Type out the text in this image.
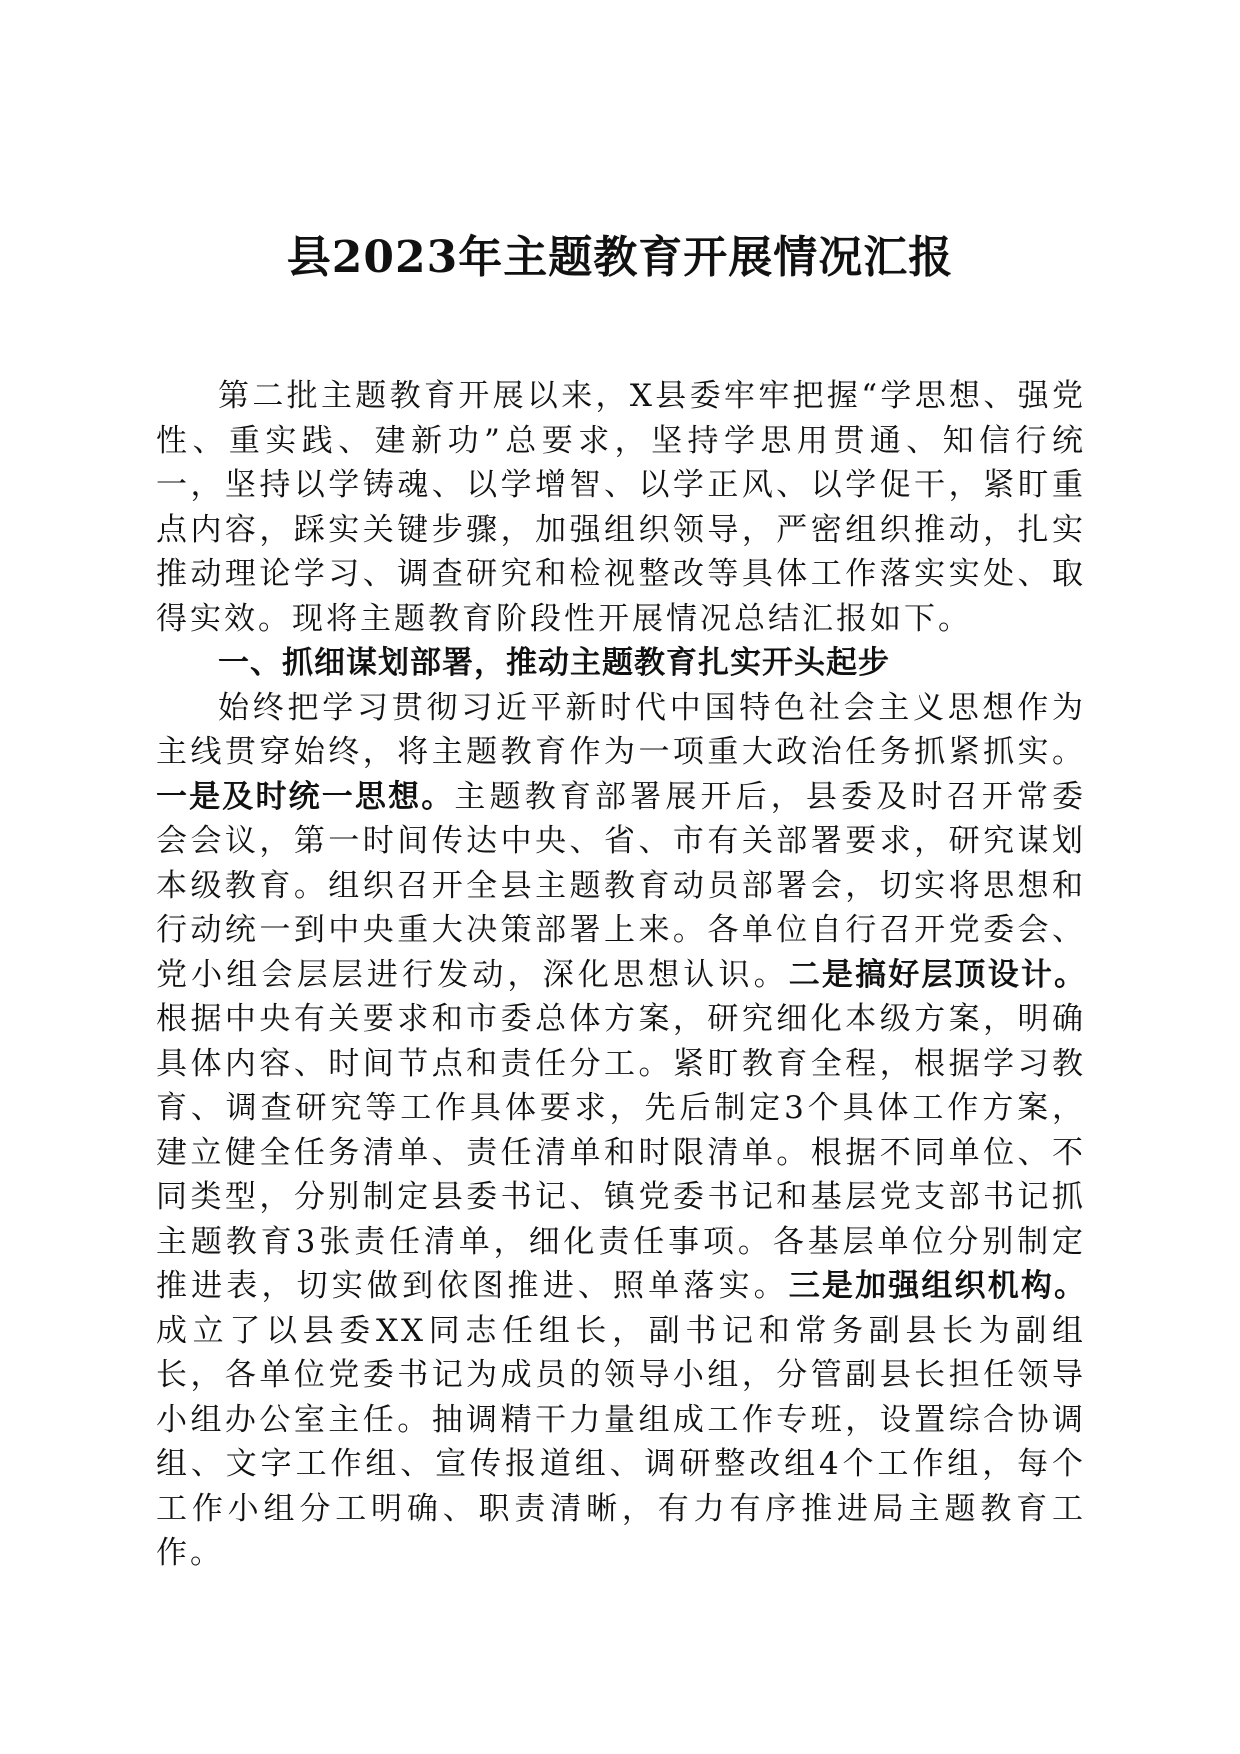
县2023年主题教育开展情况汇报

第二批主题教育开展以来，X县委牢牢把握“学思想、强党性、重实践、建新功”总要求，坚持学思用贯通、知信行统一，坚持以学铸魂、以学增智、以学正风、以学促干，紧盯重点内容，踩实关键步骤，加强组织领导，严密组织推动，扎实推动理论学习、调查研究和检视整改等具体工作落实实处、取得实效。现将主题教育阶段性开展情况总结汇报如下。

一、抓细谋划部署，推动主题教育扎实开头起步

始终把学习贯彻习近平新时代中国特色社会主义思想作为主线贯穿始终，将主题教育作为一项重大政治任务抓紧抓实。一是及时统一思想。主题教育部署展开后，县委及时召开常委会会议，第一时间传达中央、省、市有关部署要求，研究谋划本级教育。组织召开全县主题教育动员部署会，切实将思想和行动统一到中央重大决策部署上来。各单位自行召开党委会、党小组会层层进行发动，深化思想认识。二是搞好层顶设计。根据中央有关要求和市委总体方案，研究细化本级方案，明确具体内容、时间节点和责任分工。紧盯教育全程，根据学习教育、调查研究等工作具体要求，先后制定3个具体工作方案，建立健全任务清单、责任清单和时限清单。根据不同单位、不同类型，分别制定县委书记、镇党委书记和基层党支部书记抓主题教育3张责任清单，细化责任事项。各基层单位分别制定推进表，切实做到依图推进、照单落实。三是加强组织机构。成立了以县委XX同志任组长，副书记和常务副县长为副组长，各单位党委书记为成员的领导小组，分管副县长担任领导小组办公室主任。抽调精干力量组成工作专班，设置综合协调组、文字工作组、宣传报道组、调研整改组4个工作组，每个工作小组分工明确、职责清晰，有力有序推进局主题教育工作。
